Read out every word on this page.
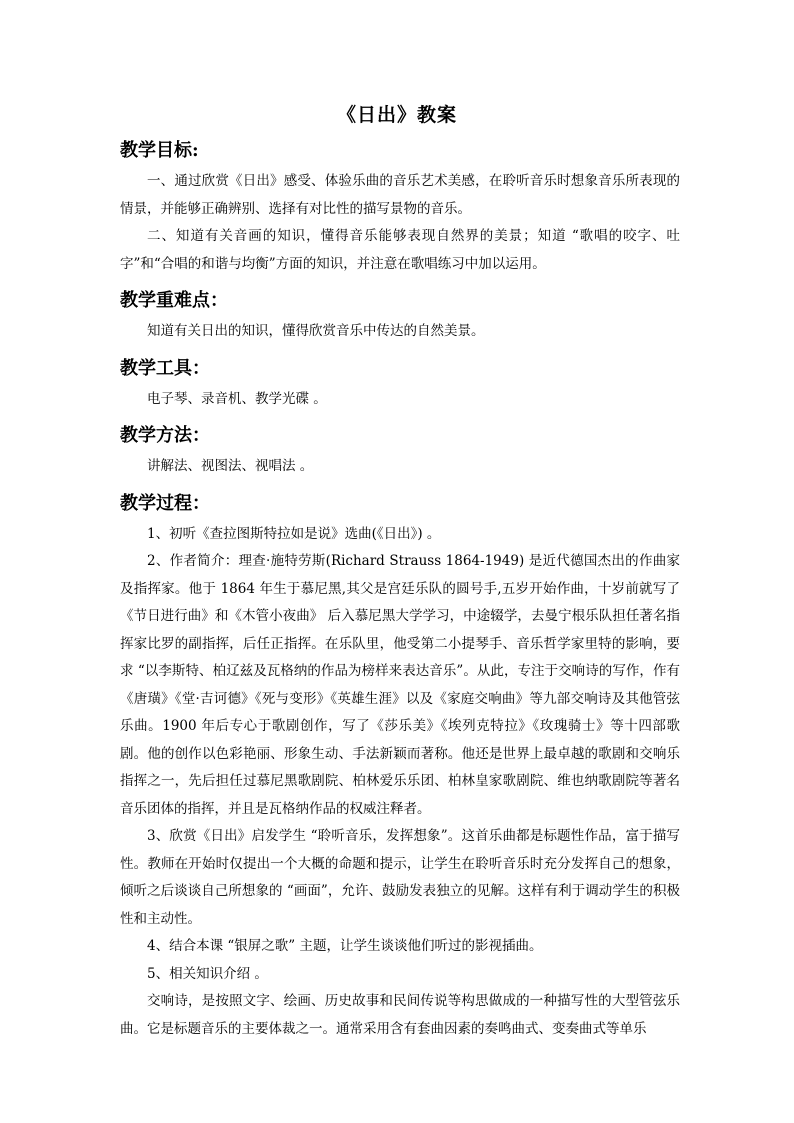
《日出》教案
教学目标:

一、通过欣赏《日出》感受、体验乐曲的音乐艺术美感，在聆听音乐时想象音乐所表现的情景，并能够正确辨别、选择有对比性的描写景物的音乐。

二、知道有关音画的知识，懂得音乐能够表现自然界的美景；知道 “歌唱的咬字、吐字”和“合唱的和谐与均衡”方面的知识，并注意在歌唱练习中加以运用。

教学重难点：

知道有关日出的知识，懂得欣赏音乐中传达的自然美景。

教学工具：

电子琴、录音机、教学光碟 。

教学方法：

讲解法、视图法、视唱法 。

教学过程：

1、初听《查拉图斯特拉如是说》选曲(《日出》) 。

2、作者简介：理查·施特劳斯(Richard Strauss 1864-1949) 是近代德国杰出的作曲家及指挥家。他于 1864 年生于慕尼黑,其父是宫廷乐队的圆号手,五岁开始作曲，十岁前就写了《节日进行曲》和《木管小夜曲》 后入慕尼黑大学学习，中途辍学，去曼宁根乐队担任著名指挥家比罗的副指挥，后任正指挥。在乐队里，他受第二小提琴手、音乐哲学家里特的影响，要求 “以李斯特、柏辽兹及瓦格纳的作品为榜样来表达音乐”。从此，专注于交响诗的写作，作有《唐璜》《堂·吉诃德》《死与变形》《英雄生涯》以及《家庭交响曲》等九部交响诗及其他管弦乐曲。1900 年后专心于歌剧创作，写了《莎乐美》《埃列克特拉》《玫瑰骑士》等十四部歌剧。他的创作以色彩艳丽、形象生动、手法新颖而著称。他还是世界上最卓越的歌剧和交响乐指挥之一，先后担任过慕尼黑歌剧院、柏林爱乐乐团、柏林皇家歌剧院、维也纳歌剧院等著名音乐团体的指挥，并且是瓦格纳作品的权威注释者。

3、欣赏《日出》启发学生 “聆听音乐，发挥想象”。这首乐曲都是标题性作品，富于描写性。教师在开始时仅提出一个大概的命题和提示，让学生在聆听音乐时充分发挥自己的想象，倾听之后谈谈自己所想象的 “画面”，允许、鼓励发表独立的见解。这样有利于调动学生的积极性和主动性。

4、结合本课 “银屏之歌” 主题，让学生谈谈他们听过的影视插曲。

5、相关知识介绍 。

交响诗，是按照文字、绘画、历史故事和民间传说等构思做成的一种描写性的大型管弦乐曲。它是标题音乐的主要体裁之一。通常采用含有套曲因素的奏鸣曲式、变奏曲式等单乐
